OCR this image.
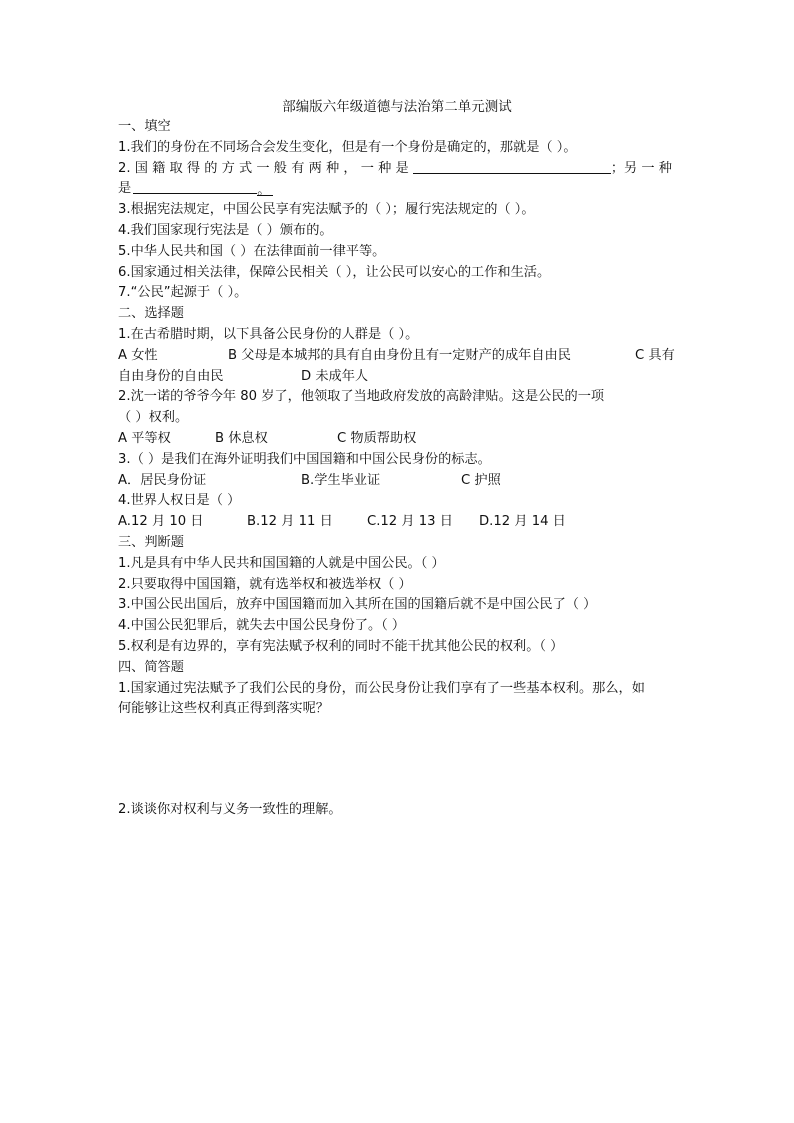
部编版六年级道德与法治第二单元测试
一、填空
1.我们的身份在不同场合会发生变化，但是有一个身份是确定的，那就是（ ）。
2. 国 籍 取 得 的 方 式 一 般 有 两 种 ， 一 种 是	；另 一 种
是	。
3.根据宪法规定，中国公民享有宪法赋予的（ ）；履行宪法规定的（ ）。
4.我们国家现行宪法是（ ）颁布的。
5.中华人民共和国（ ）在法律面前一律平等。
6.国家通过相关法律，保障公民相关（ ），让公民可以安心的工作和生活。
7.“公民”起源于（ ）。
二、选择题
1.在古希腊时期，以下具备公民身份的人群是（ ）。
A 女性	B 父母是本城邦的具有自由身份且有一定财产的成年自由民	C 具有
自由身份的自由民	D 未成年人
2.沈一诺的爷爷今年 80 岁了，他领取了当地政府发放的高龄津贴。这是公民的一项
（ ）权利。
A 平等权	B 休息权	C 物质帮助权
3.（ ）是我们在海外证明我们中国国籍和中国公民身份的标志。
A．居民身份证	B.学生毕业证	C 护照
4.世界人权日是（ ）
A.12 月 10 日	B.12 月 11 日	C.12 月 13 日	D.12 月 14 日
三、判断题
1.凡是具有中华人民共和国国籍的人就是中国公民。（ ）
2.只要取得中国国籍，就有选举权和被选举权（ ）
3.中国公民出国后，放弃中国国籍而加入其所在国的国籍后就不是中国公民了（ ）
4.中国公民犯罪后，就失去中国公民身份了。（ ）
5.权利是有边界的，享有宪法赋予权利的同时不能干扰其他公民的权利。（ ）
四、简答题
1.国家通过宪法赋予了我们公民的身份，而公民身份让我们享有了一些基本权利。那么，如
何能够让这些权利真正得到落实呢？
2.谈谈你对权利与义务一致性的理解。
